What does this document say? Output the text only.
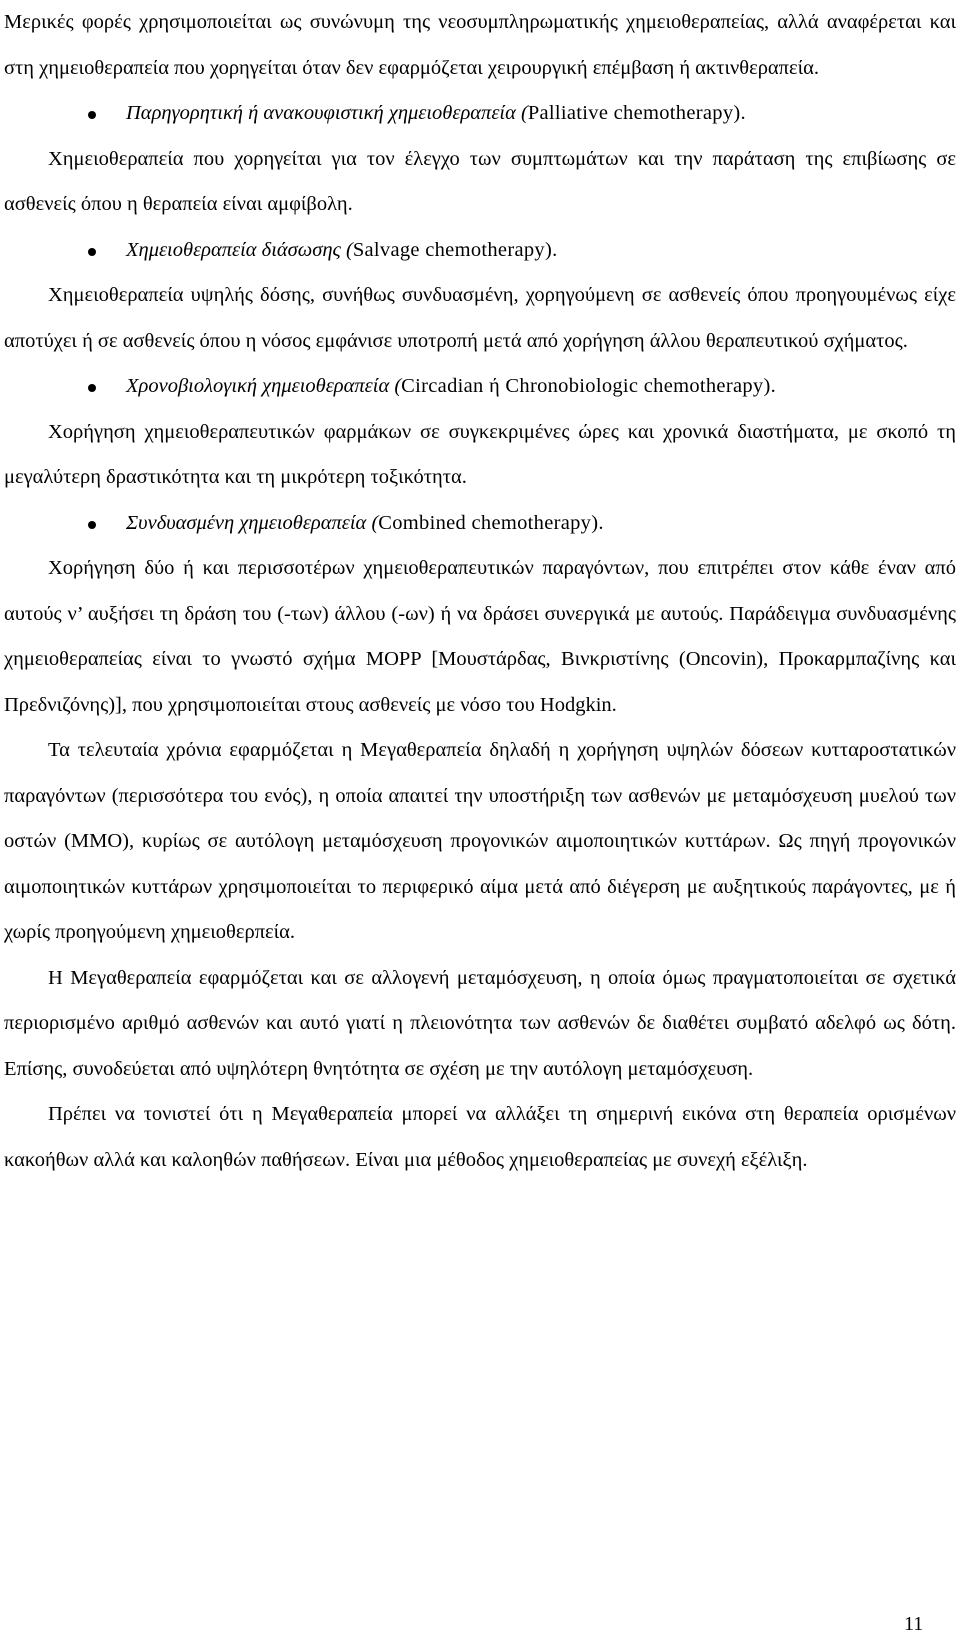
Μερικές φορές χρησιμοποιείται ως συνώνυμη της νεοσυμπληρωματικής χημειοθεραπείας, αλλά αναφέρεται και στη χημειοθεραπεία που χορηγείται όταν δεν εφαρμόζεται χειρουργική επέμβαση ή ακτινθεραπεία.

Παρηγορητική ή ανακουφιστική χημειοθεραπεία (Palliative chemotherapy).

Χημειοθεραπεία που χορηγείται για τον έλεγχο των συμπτωμάτων και την παράταση της επιβίωσης σε ασθενείς όπου η θεραπεία είναι αμφίβολη.

Χημειοθεραπεία διάσωσης (Salvage chemotherapy).

Χημειοθεραπεία υψηλής δόσης, συνήθως συνδυασμένη, χορηγούμενη σε ασθενείς όπου προηγουμένως είχε αποτύχει ή σε ασθενείς όπου η νόσος εμφάνισε υποτροπή μετά από χορήγηση άλλου θεραπευτικού σχήματος.

Χρονοβιολογική χημειοθεραπεία (Circadian ή Chronobiologic chemotherapy).

Χορήγηση χημειοθεραπευτικών φαρμάκων σε συγκεκριμένες ώρες και χρονικά διαστήματα, με σκοπό τη μεγαλύτερη δραστικότητα και τη μικρότερη τοξικότητα.

Συνδυασμένη χημειοθεραπεία (Combined chemotherapy).

Χορήγηση δύο ή και περισσοτέρων χημειοθεραπευτικών παραγόντων, που επιτρέπει στον κάθε έναν από αυτούς ν’ αυξήσει τη δράση του (-των) άλλου (-ων) ή να δράσει συνεργικά με αυτούς. Παράδειγμα συνδυασμένης χημειοθεραπείας είναι το γνωστό σχήμα MOPP [Μουστάρδας, Βινκριστίνης (Oncovin), Προκαρμπαζίνης και Πρεδνιζόνης)], που χρησιμοποιείται στους ασθενείς με νόσο του Hodgkin.

Τα τελευταία χρόνια εφαρμόζεται η Μεγαθεραπεία δηλαδή η χορήγηση υψηλών δόσεων κυτταροστατικών παραγόντων (περισσότερα του ενός), η οποία απαιτεί την υποστήριξη των ασθενών με μεταμόσχευση μυελού των οστών (ΜΜΟ), κυρίως σε αυτόλογη μεταμόσχευση προγονικών αιμοποιητικών κυττάρων. Ως πηγή προγονικών αιμοποιητικών κυττάρων χρησιμοποιείται το περιφερικό αίμα μετά από διέγερση με αυξητικούς παράγοντες, με ή χωρίς προηγούμενη χημειοθερπεία.

Η Μεγαθεραπεία εφαρμόζεται και σε αλλογενή μεταμόσχευση, η οποία όμως πραγματοποιείται σε σχετικά περιορισμένο αριθμό ασθενών και αυτό γιατί η πλειονότητα των ασθενών δε διαθέτει συμβατό αδελφό ως δότη. Επίσης, συνοδεύεται από υψηλότερη θνητότητα σε σχέση με την αυτόλογη μεταμόσχευση.

Πρέπει να τονιστεί ότι η Μεγαθεραπεία μπορεί να αλλάξει τη σημερινή εικόνα στη θεραπεία ορισμένων κακοήθων αλλά και καλοηθών παθήσεων. Είναι μια μέθοδος χημειοθεραπείας με συνεχή εξέλιξη.

11
